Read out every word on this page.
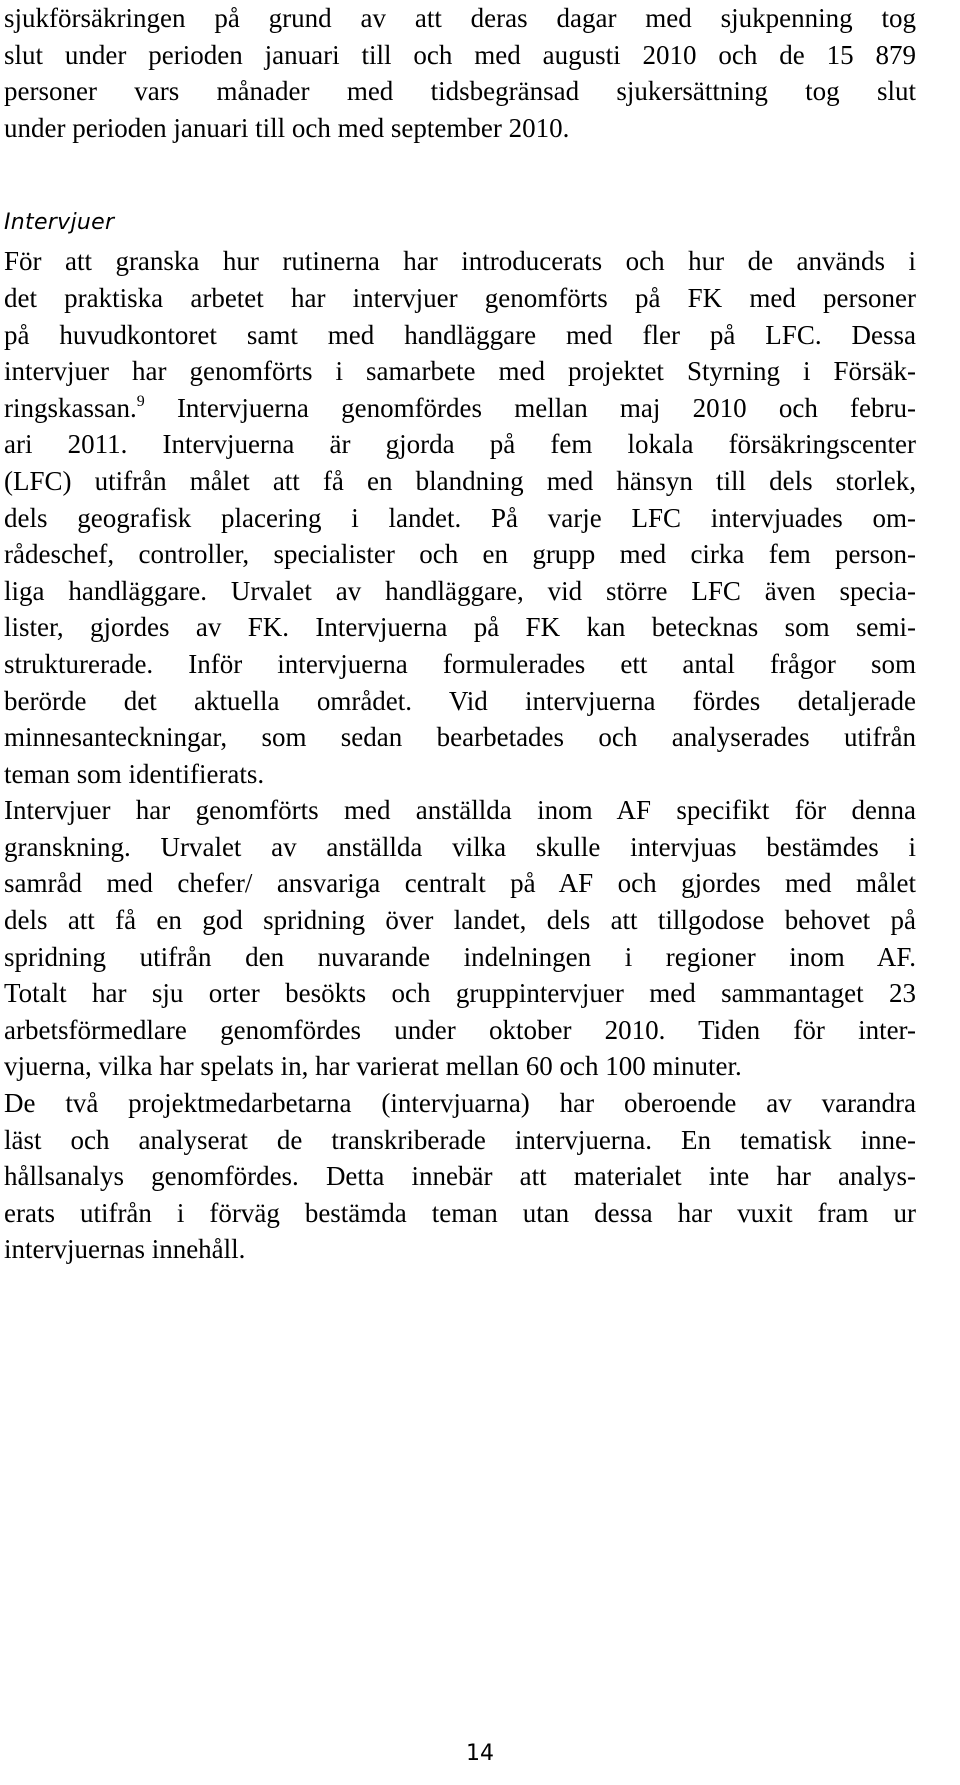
sjukförsäkringen på grund av att deras dagar med sjukpenning tog
slut under perioden januari till och med augusti 2010 och de 15 879
personer vars månader med tidsbegränsad sjukersättning tog slut
under perioden januari till och med september 2010.

Intervjuer

För att granska hur rutinerna har introducerats och hur de används i
det praktiska arbetet har intervjuer genomförts på FK med personer
på huvudkontoret samt med handläggare med fler på LFC. Dessa
intervjuer har genomförts i samarbete med projektet Styrning i Försäk-
ringskassan.$^9$ Intervjuerna genomfördes mellan maj 2010 och febru-
ari 2011. Intervjuerna är gjorda på fem lokala försäkringscenter
(LFC) utifrån målet att få en blandning med hänsyn till dels storlek,
dels geografisk placering i landet. På varje LFC intervjuades om-
rådeschef, controller, specialister och en grupp med cirka fem person-
liga handläggare. Urvalet av handläggare, vid större LFC även specia-
lister, gjordes av FK. Intervjuerna på FK kan betecknas som semi-
strukturerade. Inför intervjuerna formulerades ett antal frågor som
berörde det aktuella området. Vid intervjuerna fördes detaljerade
minnesanteckningar, som sedan bearbetades och analyserades utifrån
teman som identifierats.

Intervjuer har genomförts med anställda inom AF specifikt för denna
granskning. Urvalet av anställda vilka skulle intervjuas bestämdes i
samråd med chefer/ ansvariga centralt på AF och gjordes med målet
dels att få en god spridning över landet, dels att tillgodose behovet på
spridning utifrån den nuvarande indelningen i regioner inom AF.
Totalt har sju orter besökts och gruppintervjuer med sammantaget 23
arbetsförmedlare genomfördes under oktober 2010. Tiden för inter-
vjuerna, vilka har spelats in, har varierat mellan 60 och 100 minuter.

De två projektmedarbetarna (intervjuarna) har oberoende av varandra
läst och analyserat de transkriberade intervjuerna. En tematisk inne-
hållsanalys genomfördes. Detta innebär att materialet inte har analys-
erats utifrån i förväg bestämda teman utan dessa har vuxit fram ur
intervjuernas innehåll.

14
